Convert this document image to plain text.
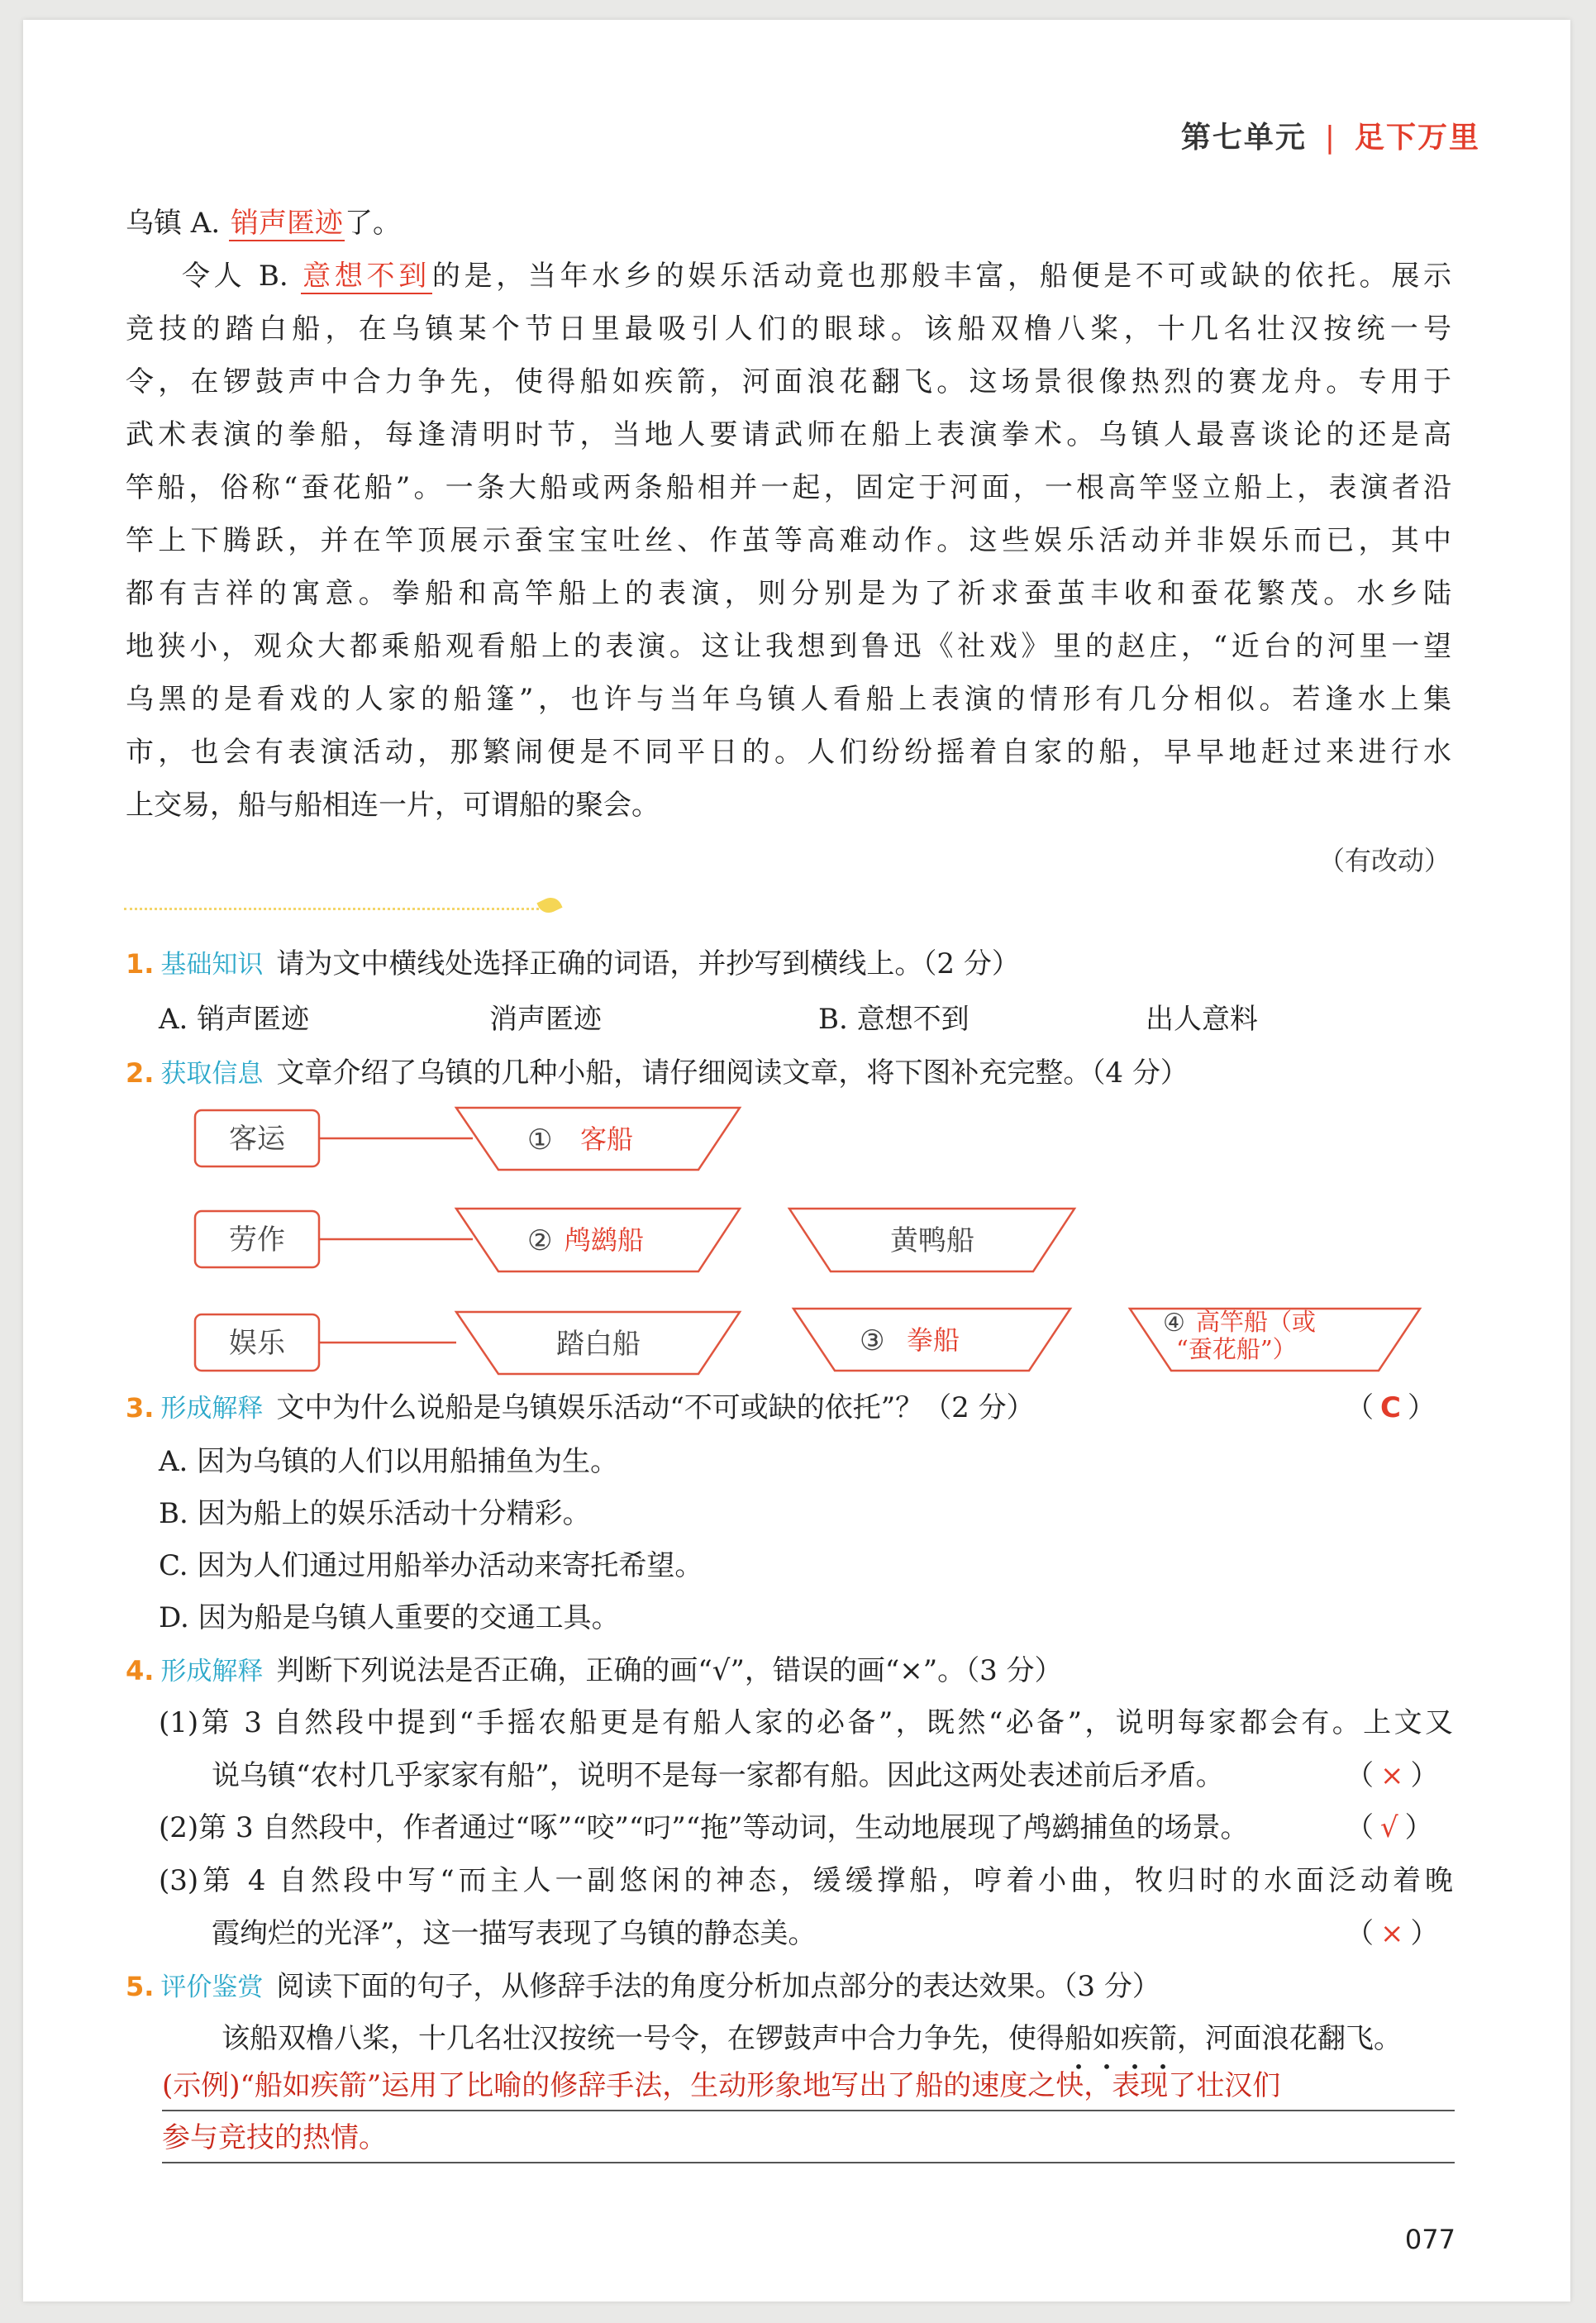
第七单元 | 足下万里
乌镇 A. 销声匿迹了。
令人 B. 意想不到的是，当年水乡的娱乐活动竟也那般丰富，船便是不可或缺的依托。展示
竞技的踏白船，在乌镇某个节日里最吸引人们的眼球。该船双橹八桨，十几名壮汉按统一号
令，在锣鼓声中合力争先，使得船如疾箭，河面浪花翻飞。这场景很像热烈的赛龙舟。专用于
武术表演的拳船，每逢清明时节，当地人要请武师在船上表演拳术。乌镇人最喜谈论的还是高
竿船，俗称“蚕花船”。一条大船或两条船相并一起，固定于河面，一根高竿竖立船上，表演者沿
竿上下腾跃，并在竿顶展示蚕宝宝吐丝、作茧等高难动作。这些娱乐活动并非娱乐而已，其中
都有吉祥的寓意。拳船和高竿船上的表演，则分别是为了祈求蚕茧丰收和蚕花繁茂。水乡陆
地狭小，观众大都乘船观看船上的表演。这让我想到鲁迅《社戏》里的赵庄，“近台的河里一望
乌黑的是看戏的人家的船篷”，也许与当年乌镇人看船上表演的情形有几分相似。若逢水上集
市，也会有表演活动，那繁闹便是不同平日的。人们纷纷摇着自家的船，早早地赶过来进行水
上交易，船与船相连一片，可谓船的聚会。
（有改动）
1. 基础知识 请为文中横线处选择正确的词语，并抄写到横线上。（2 分）
A. 销声匿迹	消声匿迹	B. 意想不到	出人意料
2. 获取信息 文章介绍了乌镇的几种小船，请仔细阅读文章，将下图补充完整。（4 分）
客运
劳作
娱乐
①
②	黄鸭船
踏白船	③
④
客船
鸬鹚船
拳船
高竿船（或
“蚕花船”）
3. 形成解释 文中为什么说船是乌镇娱乐活动“不可或缺的依托”？（2 分）	（ C ）
A. 因为乌镇的人们以用船捕鱼为生。
B. 因为船上的娱乐活动十分精彩。
C. 因为人们通过用船举办活动来寄托希望。
D. 因为船是乌镇人重要的交通工具。
4. 形成解释 判断下列说法是否正确，正确的画“√”，错误的画“×”。（3 分）
(1)第 3 自然段中提到“手摇农船更是有船人家的必备”，既然“必备”，说明每家都会有。上文又
说乌镇“农村几乎家家有船”，说明不是每一家都有船。因此这两处表述前后矛盾。	（ × ）
(2)第 3 自然段中，作者通过“啄”“咬”“叼”“拖”等动词，生动地展现了鸬鹚捕鱼的场景。	（ √ ）
(3)第 4 自然段中写“而主人一副悠闲的神态，缓缓撑船，哼着小曲，牧归时的水面泛动着晚
霞绚烂的光泽”，这一描写表现了乌镇的静态美。	（ × ）
5. 评价鉴赏 阅读下面的句子，从修辞手法的角度分析加点部分的表达效果。（3 分）
该船双橹八桨，十几名壮汉按统一号令，在锣鼓声中合力争先，使得船如疾箭，河面浪花翻飞。
(示例)“船如疾箭”运用了比喻的修辞手法，生动形象地写出了船的速度之快，表现了壮汉们
参与竞技的热情。
077
